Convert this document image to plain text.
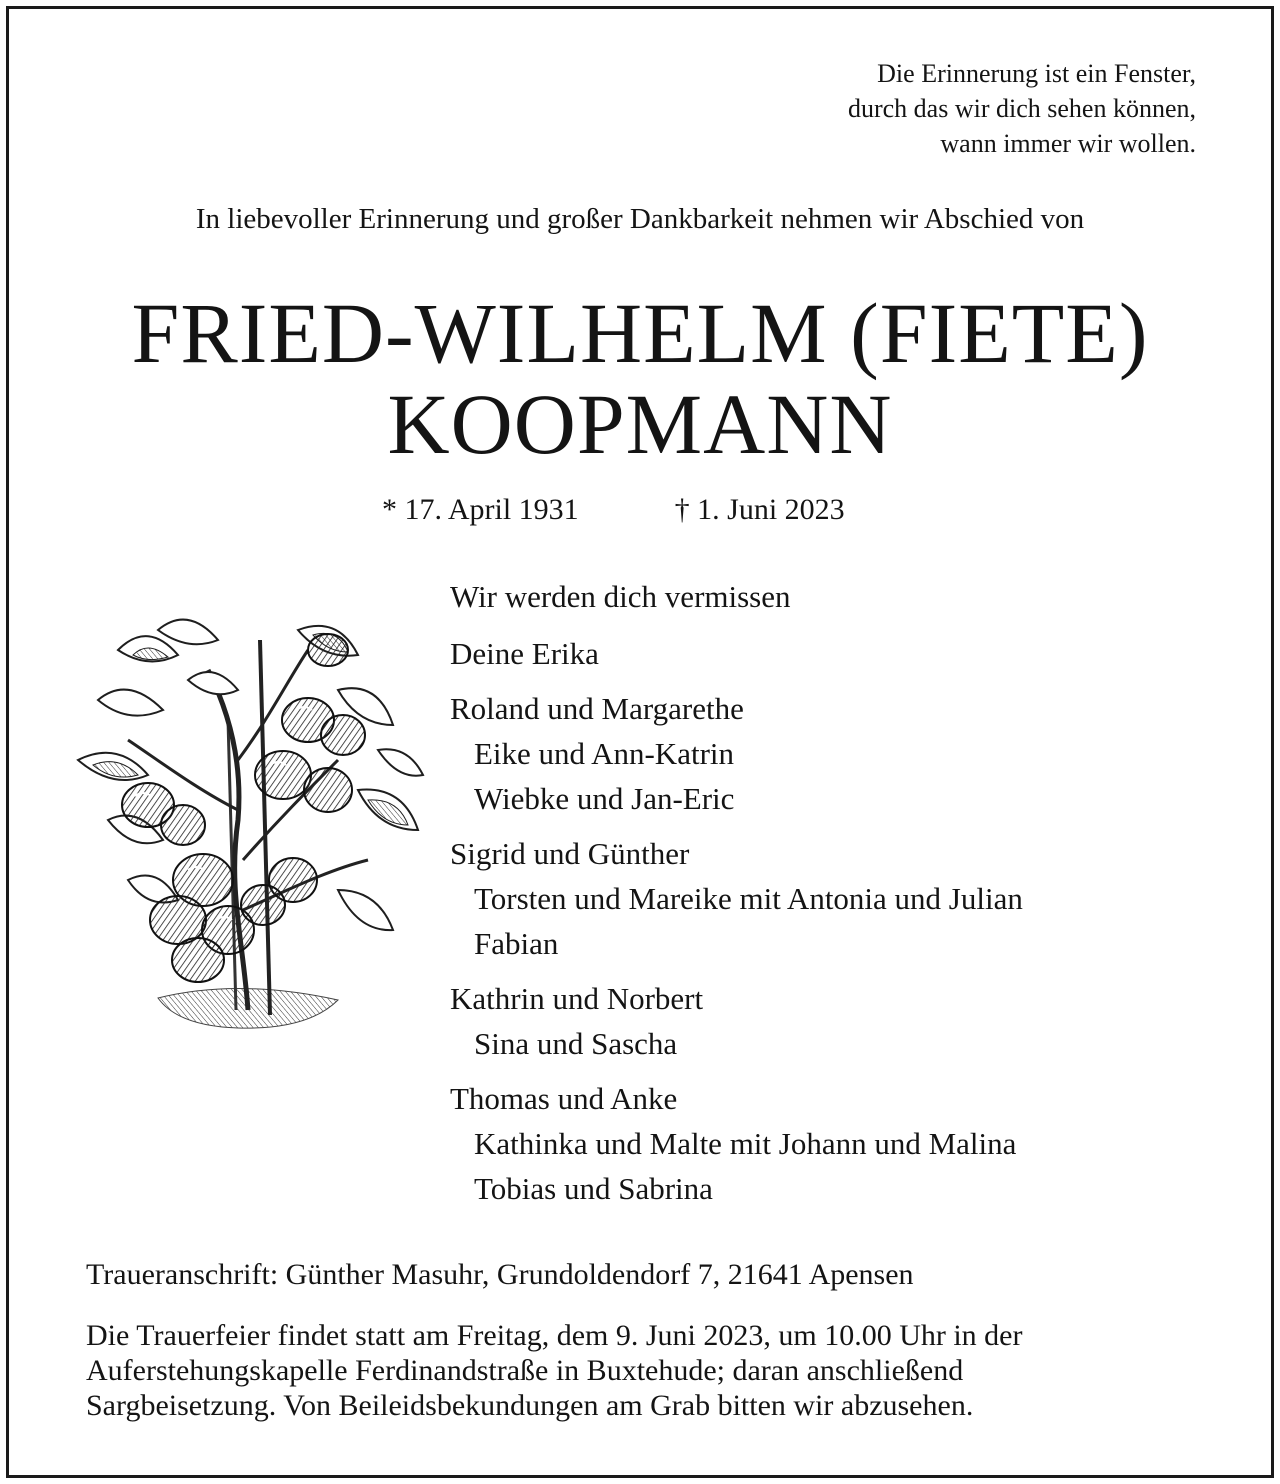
Die Erinnerung ist ein Fenster,
durch das wir dich sehen können,
wann immer wir wollen.
In liebevoller Erinnerung und großer Dankbarkeit nehmen wir Abschied von
FRIED-WILHELM (FIETE)
KOOPMANN
* 17. April 1931	† 1. Juni 2023
Wir werden dich vermissen
Deine Erika
Roland und Margarethe
Eike und Ann-Katrin
Wiebke und Jan-Eric
Sigrid und Günther
Torsten und Mareike mit Antonia und Julian
Fabian
Kathrin und Norbert
Sina und Sascha
Thomas und Anke
Kathinka und Malte mit Johann und Malina
Tobias und Sabrina
Traueranschrift: Günther Masuhr, Grundoldendorf 7, 21641 Apensen
Die Trauerfeier findet statt am Freitag, dem 9. Juni 2023, um 10.00 Uhr in der
Auferstehungskapelle Ferdinandstraße in Buxtehude; daran anschließend
Sargbeisetzung. Von Beileidsbekundungen am Grab bitten wir abzusehen.
